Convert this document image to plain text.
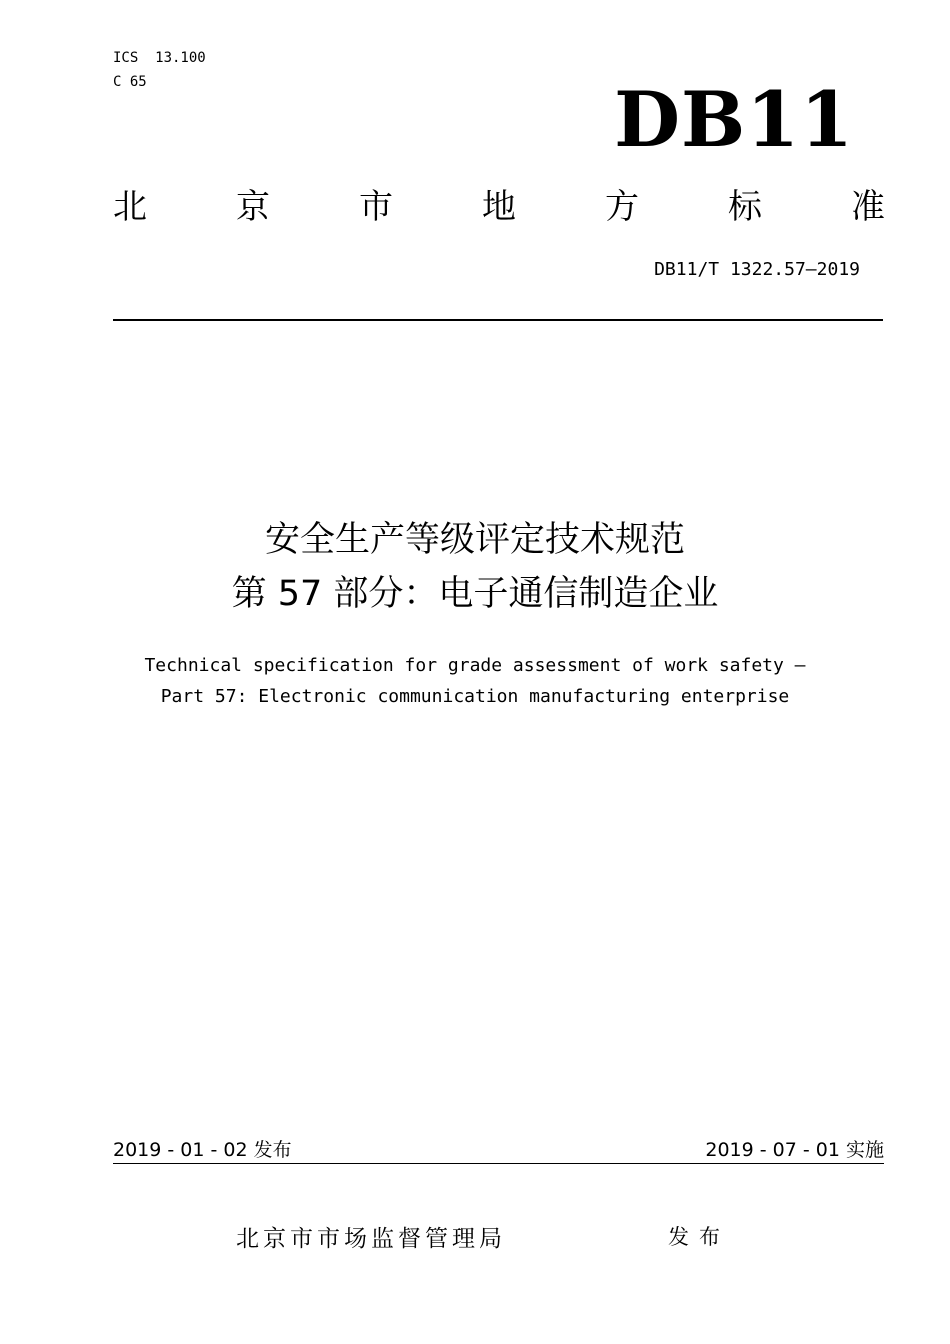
ICS  13.100
C 65	DB11
北	京	市	地	方	标	准
DB11/T 1322.57—2019
安全生产等级评定技术规范
第 57 部分：电子通信制造企业
Technical specification for grade assessment of work safety —
Part 57: Electronic communication manufacturing enterprise
2019 - 01 - 02 发布	2019 - 07 - 01 实施
北京市市场监督管理局	发布
